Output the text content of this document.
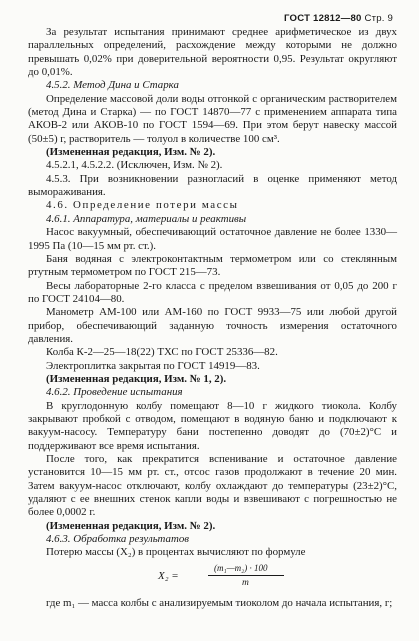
ГОСТ 12812—80 Стр. 9

За результат испытания принимают среднее арифметическое из двух параллельных определений, расхождение между которыми не должно превышать 0,02% при доверительной вероятности 0,95. Результат округляют до 0,01%.

4.5.2. Метод Дина и Старка

Определение массовой доли воды отгонкой с органическим растворителем (метод Дина и Старка) — по ГОСТ 14870—77 с применением аппарата типа АКОВ-2 или АКОВ-10 по ГОСТ 1594—69. При этом берут навеску массой (50±5) г, растворитель — толуол в количестве 100 см³.

(Измененная редакция, Изм. № 2).

4.5.2.1, 4.5.2.2. (Исключен, Изм. № 2).

4.5.3. При возникновении разногласий в оценке применяют метод вымораживания.

4.6. Определение потери массы

4.6.1. Аппаратура, материалы и реактивы

Насос вакуумный, обеспечивающий остаточное давление не более 1330—1995 Па (10—15 мм рт. ст.).

Баня водяная с электроконтактным термометром или со стеклянным ртутным термометром по ГОСТ 215—73.

Весы лабораторные 2-го класса с пределом взвешивания от 0,05 до 200 г по ГОСТ 24104—80.

Манометр АМ-100 или АМ-160 по ГОСТ 9933—75 или любой другой прибор, обеспечивающий заданную точность измерения остаточного давления.

Колба К-2—25—18(22) ТХС по ГОСТ 25336—82.

Электроплитка закрытая по ГОСТ 14919—83.

(Измененная редакция, Изм. № 1, 2).

4.6.2. Проведение испытания

В круглодонную колбу помещают 8—10 г жидкого тиокола. Колбу закрывают пробкой с отводом, помещают в водяную баню и подключают к вакуум-насосу. Температуру бани постепенно доводят до (70±2)°С и поддерживают все время испытания.

После того, как прекратится вспенивание и остаточное давление установится 10—15 мм рт. ст., отсос газов продолжают в течение 20 мин. Затем вакуум-насос отключают, колбу охлаждают до температуры (23±2)°С, удаляют с ее внешних стенок капли воды и взвешивают с погрешностью не более 0,0002 г.

(Измененная редакция, Изм. № 2).

4.6.3. Обработка результатов

Потерю массы (X₂) в процентах вычисляют по формуле

X₂ =
(m₁—m₂) · 100
m
где m₁ — масса колбы с анализируемым тиоколом до начала испытания, г;
